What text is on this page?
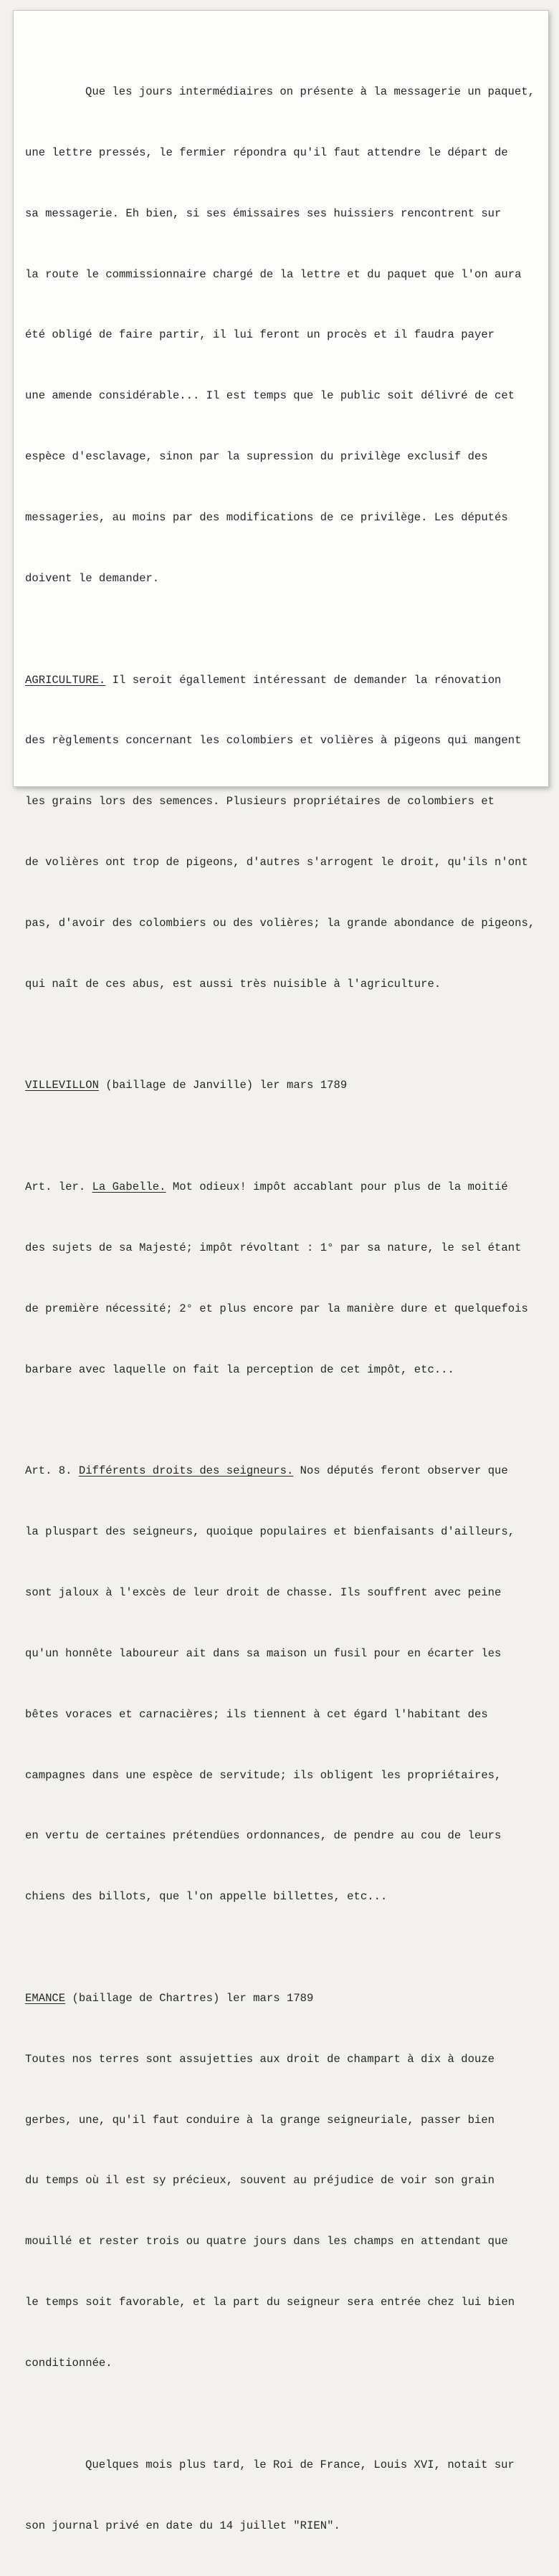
Que les jours intermédiaires on présente à la messagerie un paquet,

une lettre pressés, le fermier répondra qu'il faut attendre le départ de

sa messagerie. Eh bien, si ses émissaires ses huissiers rencontrent sur

la route le commissionnaire chargé de la lettre et du paquet que l'on aura

été obligé de faire partir, il lui feront un procès et il faudra payer

une amende considérable... Il est temps que le public soit délivré de cet

espèce d'esclavage, sinon par la supression du privilège exclusif des

messageries, au moins par des modifications de ce privilège. Les députés

doivent le demander.

AGRICULTURE. Il seroit égallement intéressant de demander la rénovation

des règlements concernant les colombiers et volières à pigeons qui mangent

les grains lors des semences. Plusieurs propriétaires de colombiers et

de volières ont trop de pigeons, d'autres s'arrogent le droit, qu'ils n'ont

pas, d'avoir des colombiers ou des volières; la grande abondance de pigeons,

qui naît de ces abus, est aussi très nuisible à l'agriculture.

VILLEVILLON (baillage de Janville) ler mars 1789

Art. ler. La Gabelle. Mot odieux! impôt accablant pour plus de la moitié

des sujets de sa Majesté; impôt révoltant : 1° par sa nature, le sel étant

de première nécessité; 2° et plus encore par la manière dure et quelquefois

barbare avec laquelle on fait la perception de cet impôt, etc...

Art. 8. Différents droits des seigneurs. Nos députés feront observer que

la pluspart des seigneurs, quoique populaires et bienfaisants d'ailleurs,

sont jaloux à l'excès de leur droit de chasse. Ils souffrent avec peine

qu'un honnête laboureur ait dans sa maison un fusil pour en écarter les

bêtes voraces et carnacières; ils tiennent à cet égard l'habitant des

campagnes dans une espèce de servitude; ils obligent les propriétaires,

en vertu de certaines prétendües ordonnances, de pendre au cou de leurs

chiens des billots, que l'on appelle billettes, etc...

EMANCE (baillage de Chartres) ler mars 1789

Toutes nos terres sont assujetties aux droit de champart à dix à douze

gerbes, une, qu'il faut conduire à la grange seigneuriale, passer bien

du temps où il est sy précieux, souvent au préjudice de voir son grain

mouillé et rester trois ou quatre jours dans les champs en attendant que

le temps soit favorable, et la part du seigneur sera entrée chez lui bien

conditionnée.

Quelques mois plus tard, le Roi de France, Louis XVI, notait sur

son journal privé en date du 14 juillet "RIEN".
